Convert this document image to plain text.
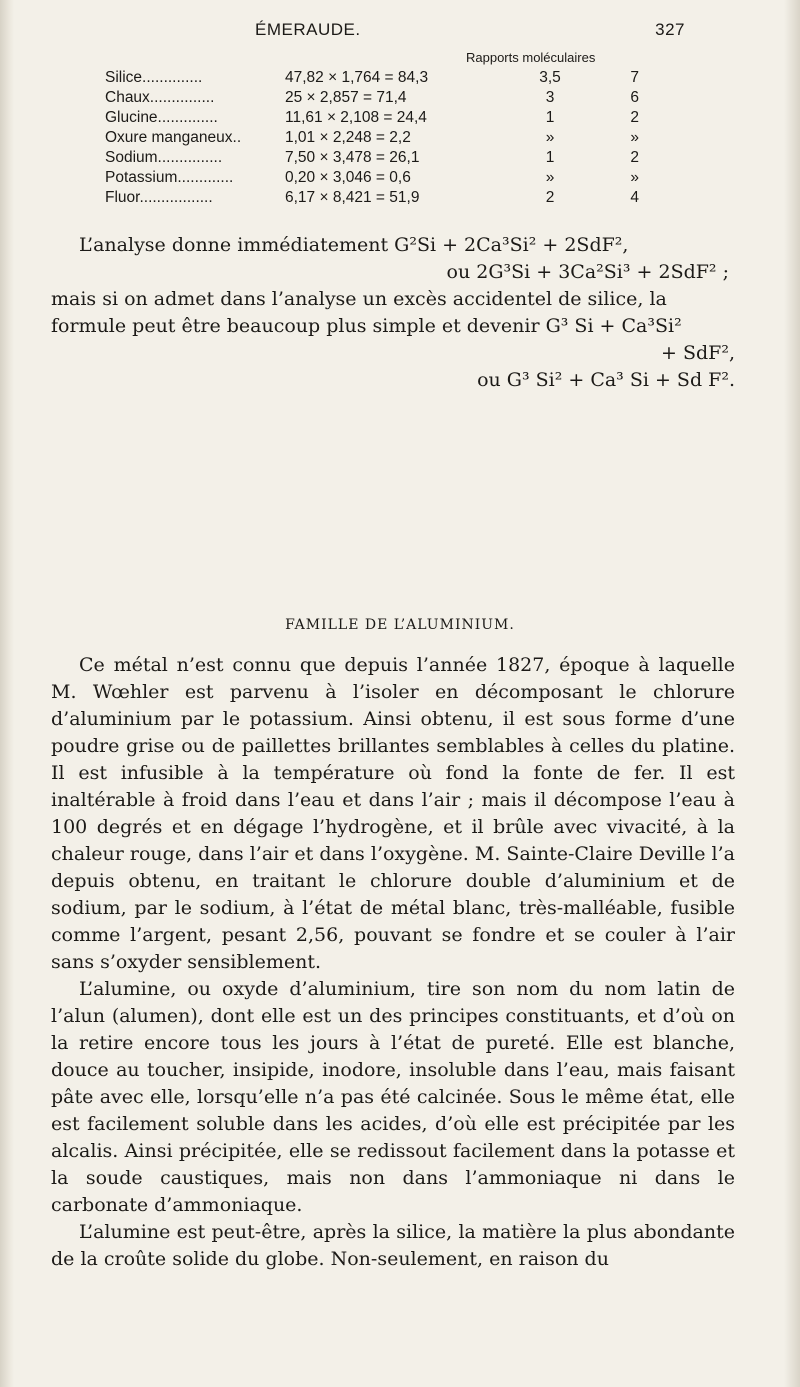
ÉMERAUDE.	327
Rapports moléculaires
Silice..............	47,82 × 1,764 = 84,3	3,5	7
Chaux...............	25 × 2,857 = 71,4	3	6
Glucine..............	11,61 × 2,108 = 24,4	1	2
Oxure manganeux..	1,01 × 2,248 = 2,2	»	»
Sodium...............	7,50 × 3,478 = 26,1	1	2
Potassium.............	0,20 × 3,046 = 0,6	»	»
Fluor.................	6,17 × 8,421 = 51,9	2	4

L’analyse donne immédiatement G²Si + 2Ca³Si² + 2SdF²,

ou 2G³Si + 3Ca²Si³ + 2SdF² ;

mais si on admet dans l’analyse un excès accidentel de silice, la

formule peut être beaucoup plus simple et devenir G³ Si + Ca³Si²

+ SdF²,

ou G³ Si² + Ca³ Si + Sd F².

FAMILLE DE L’ALUMINIUM.

Ce métal n’est connu que depuis l’année 1827, époque à laquelle M. Wœhler est parvenu à l’isoler en décomposant le chlorure d’aluminium par le potassium. Ainsi obtenu, il est sous forme d’une poudre grise ou de paillettes brillantes semblables à celles du platine. Il est infusible à la température où fond la fonte de fer. Il est inaltérable à froid dans l’eau et dans l’air ; mais il décompose l’eau à 100 degrés et en dégage l’hydrogène, et il brûle avec vivacité, à la chaleur rouge, dans l’air et dans l’oxygène. M. Sainte-Claire Deville l’a depuis obtenu, en traitant le chlorure double d’aluminium et de sodium, par le sodium, à l’état de métal blanc, très-malléable, fusible comme l’argent, pesant 2,56, pouvant se fondre et se couler à l’air sans s’oxyder sensiblement.

L’alumine, ou oxyde d’aluminium, tire son nom du nom latin de l’alun (alumen), dont elle est un des principes constituants, et d’où on la retire encore tous les jours à l’état de pureté. Elle est blanche, douce au toucher, insipide, inodore, insoluble dans l’eau, mais faisant pâte avec elle, lorsqu’elle n’a pas été calcinée. Sous le même état, elle est facilement soluble dans les acides, d’où elle est précipitée par les alcalis. Ainsi précipitée, elle se redissout facilement dans la potasse et la soude caustiques, mais non dans l’ammoniaque ni dans le carbonate d’ammoniaque.

L’alumine est peut-être, après la silice, la matière la plus abondante de la croûte solide du globe. Non-seulement, en raison du
